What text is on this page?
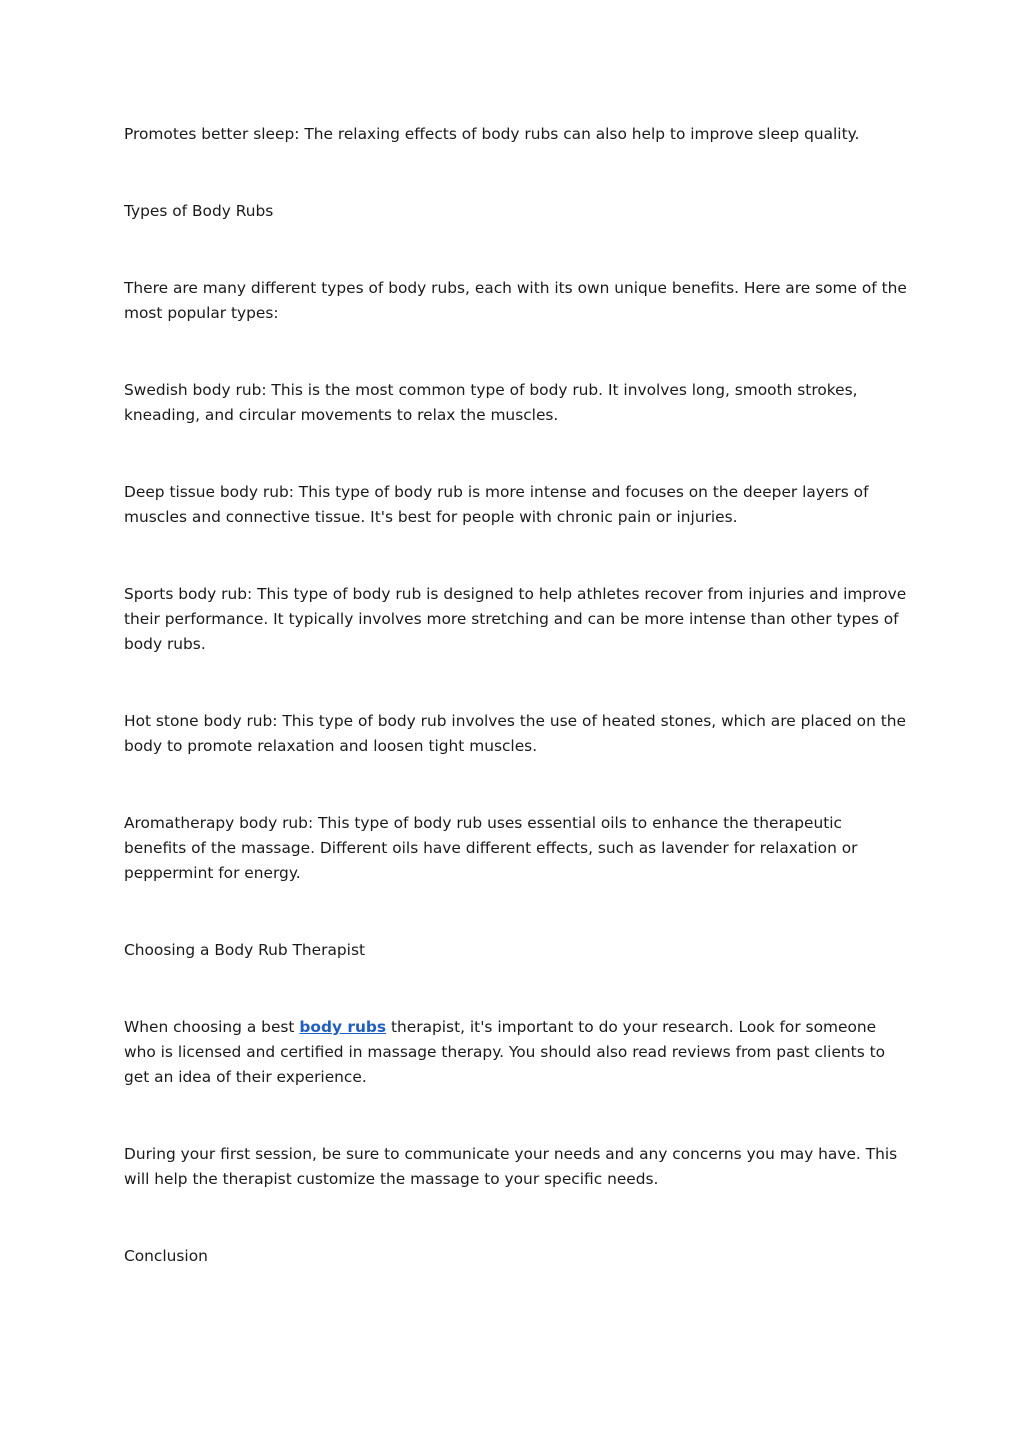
Promotes better sleep: The relaxing effects of body rubs can also help to improve sleep quality.

Types of Body Rubs

There are many different types of body rubs, each with its own unique benefits. Here are some of the most popular types:

Swedish body rub: This is the most common type of body rub. It involves long, smooth strokes, kneading, and circular movements to relax the muscles.

Deep tissue body rub: This type of body rub is more intense and focuses on the deeper layers of muscles and connective tissue. It's best for people with chronic pain or injuries.

Sports body rub: This type of body rub is designed to help athletes recover from injuries and improve their performance. It typically involves more stretching and can be more intense than other types of body rubs.

Hot stone body rub: This type of body rub involves the use of heated stones, which are placed on the body to promote relaxation and loosen tight muscles.

Aromatherapy body rub: This type of body rub uses essential oils to enhance the therapeutic benefits of the massage. Different oils have different effects, such as lavender for relaxation or peppermint for energy.

Choosing a Body Rub Therapist

When choosing a best body rubs therapist, it's important to do your research. Look for someone who is licensed and certified in massage therapy. You should also read reviews from past clients to get an idea of their experience.

During your first session, be sure to communicate your needs and any concerns you may have. This will help the therapist customize the massage to your specific needs.

Conclusion
